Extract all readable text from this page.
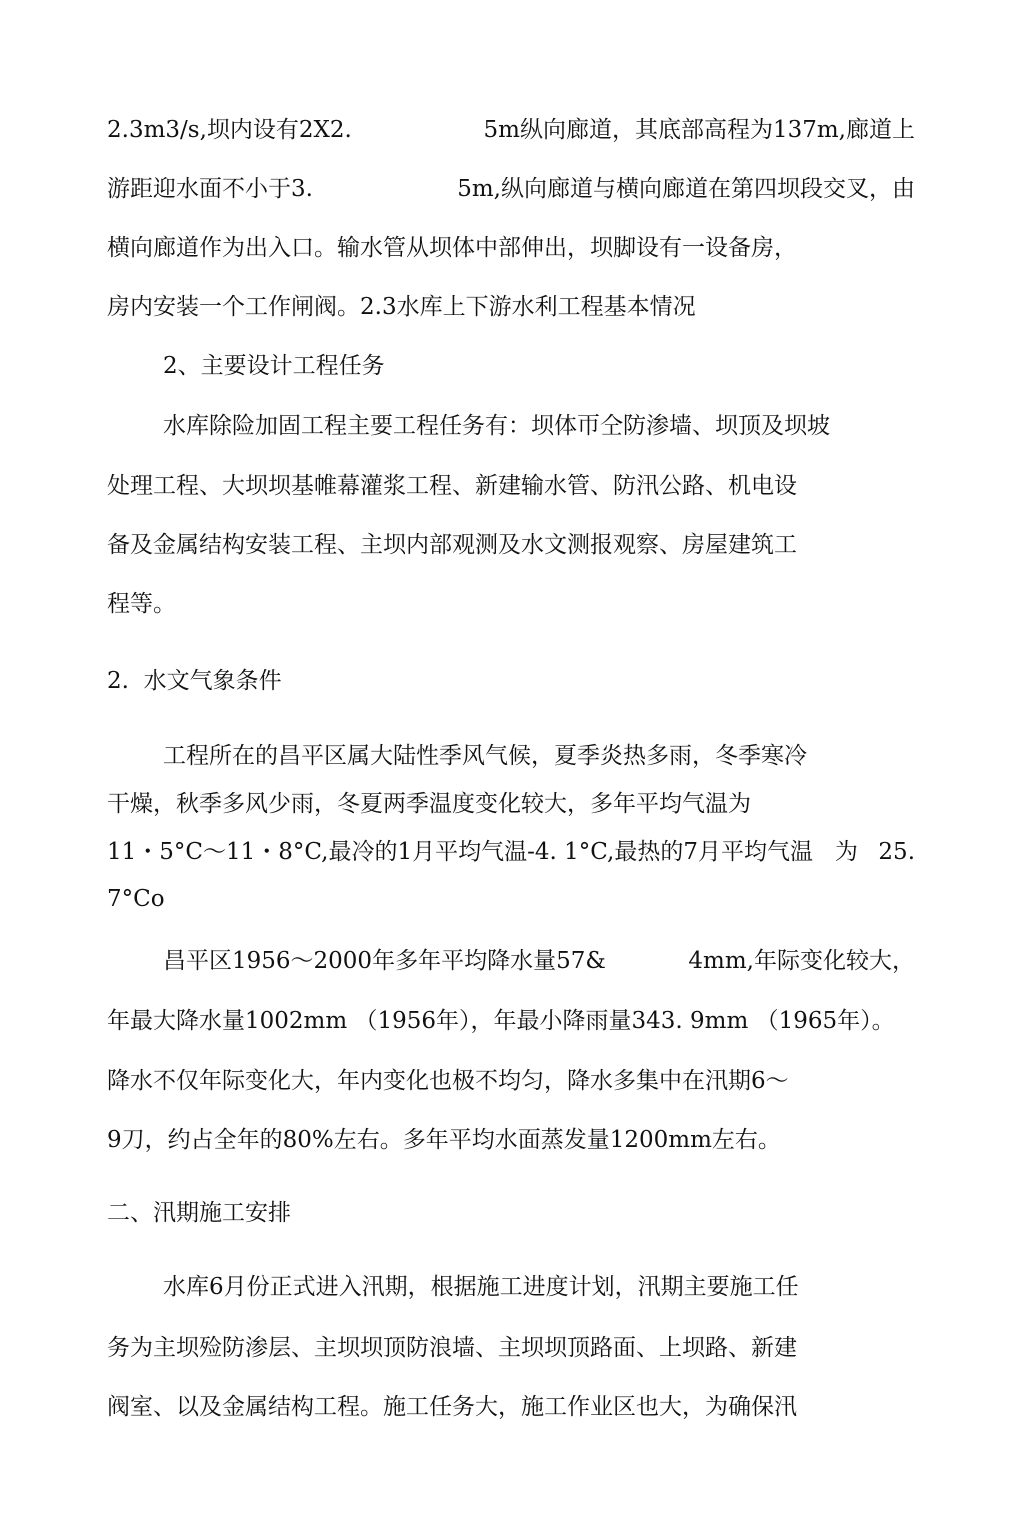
2.3m3/s,坝内设有2X2.

	5m纵向廊道，其底部高程为137m,廊道上

游距迎水面不小于3.

	5m,纵向廊道与横向廊道在第四坝段交叉，由

横向廊道作为出入口。输水管从坝体中部伸出，坝脚设有一设备房，
房内安装一个工作闸阀。2.3水库上下游水利工程基本情况
2、主要设计工程任务
水库除险加固工程主要工程任务有：坝体帀仝防渗墙、坝顶及坝坡
处理工程、大坝坝基帷幕灌浆工程、新建输水管、防汛公路、机电设
备及金属结构安装工程、主坝内部观测及水文测报观察、房屋建筑工
程等。
2.  水文气象条件
工程所在的昌平区属大陆性季风气候，夏季炎热多雨，冬季寒冷
干燥，秋季多风少雨，冬夏两季温度变化较大，多年平均气温为

11・5°C〜11・8°C,最冷的1月平均气温-4. 1°C,最热的7月平均气温   为

25.

7°Co

昌平区1956〜2000年多年平均降水量57&

	4mm,年际变化较大，

年最大降水量1002mm （1956年），年最小降雨量343. 9mm （1965年）。
降水不仅年际变化大，年内变化也极不均匀，降水多集中在汛期6〜
9刀，约占全年的80%左右。多年平均水面蒸发量1200mm左右。
二、汛期施工安排
水库6月份正式进入汛期，根据施工进度计划，汛期主要施工任
务为主坝殓防渗层、主坝坝顶防浪墙、主坝坝顶路面、上坝路、新建
阀室、以及金属结构工程。施工任务大，施工作业区也大，为确保汛
